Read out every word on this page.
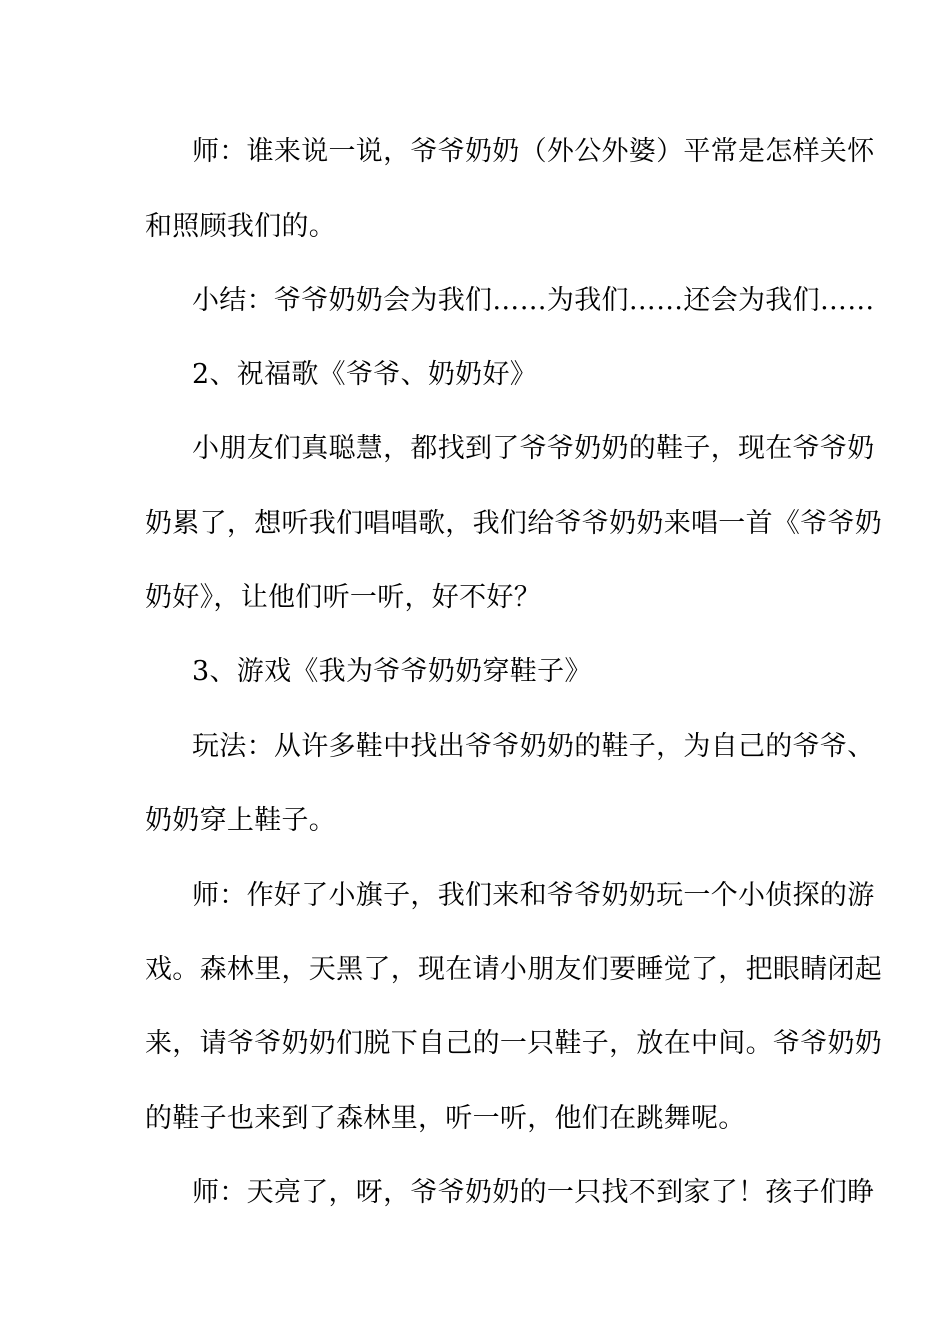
师：谁来说一说，爷爷奶奶（外公外婆）平常是怎样关怀
和照顾我们的。
小结：爷爷奶奶会为我们……为我们……还会为我们……
2、祝福歌《爷爷、奶奶好》
小朋友们真聪慧，都找到了爷爷奶奶的鞋子，现在爷爷奶
奶累了，想听我们唱唱歌，我们给爷爷奶奶来唱一首《爷爷奶
奶好》，让他们听一听，好不好？
3、游戏《我为爷爷奶奶穿鞋子》
玩法：从许多鞋中找出爷爷奶奶的鞋子，为自己的爷爷、
奶奶穿上鞋子。
师：作好了小旗子，我们来和爷爷奶奶玩一个小侦探的游
戏。森林里，天黑了，现在请小朋友们要睡觉了，把眼睛闭起
来，请爷爷奶奶们脱下自己的一只鞋子，放在中间。爷爷奶奶
的鞋子也来到了森林里，听一听，他们在跳舞呢。
师：天亮了，呀，爷爷奶奶的一只找不到家了！孩子们睁
